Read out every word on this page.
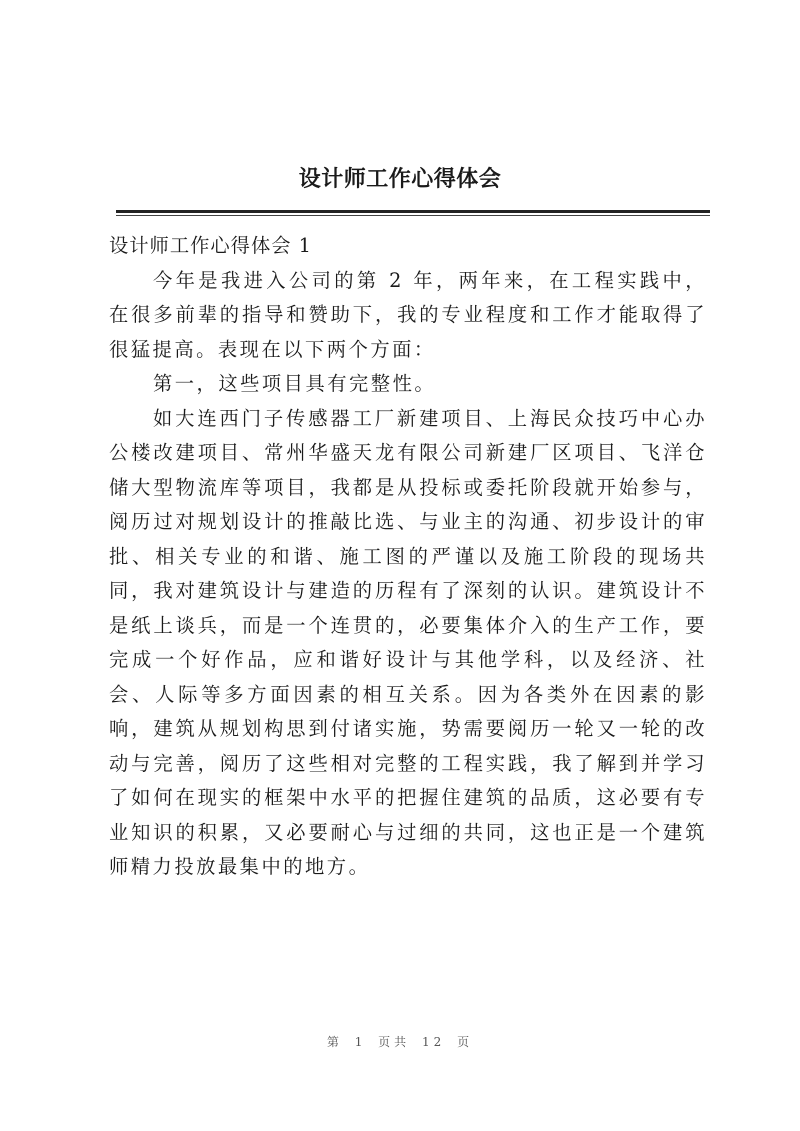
设计师工作心得体会

设计师工作心得体会 1

今年是我进入公司的第 2 年，两年来，在工程实践中，在很多前辈的指导和赞助下，我的专业程度和工作才能取得了很猛提高。表现在以下两个方面：

第一，这些项目具有完整性。

如大连西门子传感器工厂新建项目、上海民众技巧中心办公楼改建项目、常州华盛天龙有限公司新建厂区项目、飞洋仓储大型物流库等项目，我都是从投标或委托阶段就开始参与，阅历过对规划设计的推敲比选、与业主的沟通、初步设计的审批、相关专业的和谐、施工图的严谨以及施工阶段的现场共同，我对建筑设计与建造的历程有了深刻的认识。建筑设计不是纸上谈兵，而是一个连贯的，必要集体介入的生产工作，要完成一个好作品，应和谐好设计与其他学科，以及经济、社会、人际等多方面因素的相互关系。因为各类外在因素的影响，建筑从规划构思到付诸实施，势需要阅历一轮又一轮的改动与完善，阅历了这些相对完整的工程实践，我了解到并学习了如何在现实的框架中水平的把握住建筑的品质，这必要有专业知识的积累，又必要耐心与过细的共同，这也正是一个建筑师精力投放最集中的地方。

第 1 页共 12 页
